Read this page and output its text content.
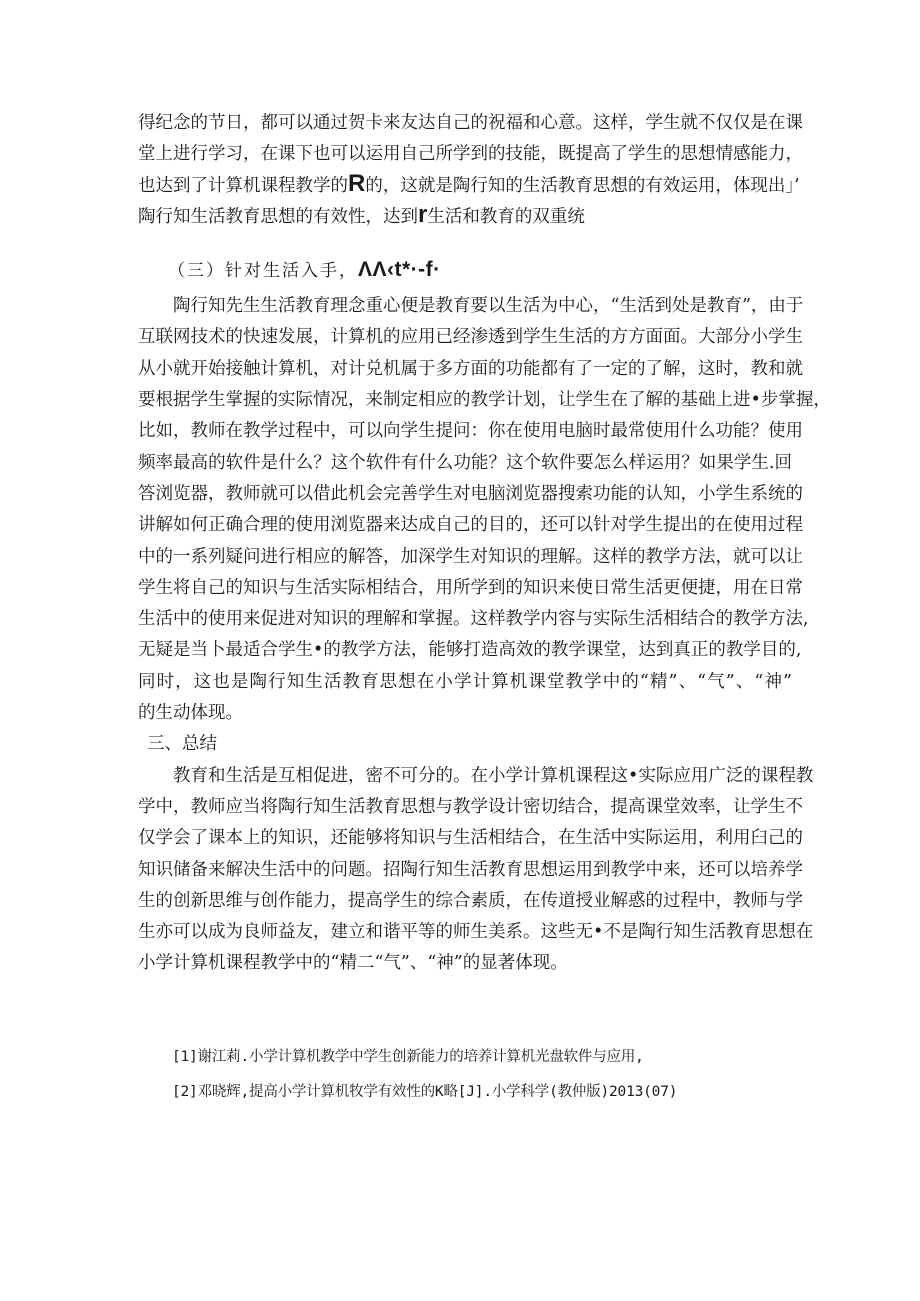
得纪念的节日，都可以通过贺卡来友达自己的祝福和心意。这样，学生就不仅仅是在课
堂上进行学习，在课下也可以运用自己所学到的技能，既提高了学生的思想情感能力，
也达到了计算机课程教学的R的，这就是陶行知的生活教育思想的有效运用，体现出」’
陶行知生活教育思想的有效性，达到r生活和教育的双重统
（三）针对生活入手，ΛΛ‹t*·-f·
陶行知先生生活教育理念重心便是教育要以生活为中心，“生活到处是教育”，由于
互联网技术的快速发展，计算机的应用已经渗透到学生生活的方方面面。大部分小学生
从小就开始接触计算机，对计兑机属于多方面的功能都有了一定的了解，这时，教和就
要根据学生掌握的实际情况，来制定相应的教学计划，让学生在了解的基础上进•步掌握，
比如，教师在教学过程中，可以向学生提问：你在使用电脑时最常使用什么功能？使用
频率最高的软件是什么？这个软件有什么功能？这个软件要怎么样运用？如果学生.回
答浏览器，教师就可以借此机会完善学生对电脑浏览器搜索功能的认知，小学生系统的
讲解如何正确合理的使用浏览器来达成自己的目的，还可以针对学生提出的在使用过程
中的一系列疑问进行相应的解答，加深学生对知识的理解。这样的教学方法，就可以让
学生将自己的知识与生活实际相结合，用所学到的知识来使日常生活更便捷，用在日常
生活中的使用来促进对知识的理解和掌握。这样教学内容与实际生活相结合的教学方法,
无疑是当卜最适合学生•的教学方法，能够打造高效的教学课堂，达到真正的教学目的,
同时，这也是陶行知生活教育思想在小学计算机课堂教学中的“精”、“气”、“神”
的生动体现。
三、总结
教育和生活是互相促进，密不可分的。在小学计算机课程这•实际应用广泛的课程教
学中，教师应当将陶行知生活教育思想与教学设计密切结合，提高课堂效率，让学生不
仅学会了课本上的知识，还能够将知识与生活相结合，在生活中实际运用，利用臼己的
知识储备来解决生活中的问题。招陶行知生活教育思想运用到教学中来，还可以培养学
生的创新思维与创作能力，提高学生的综合素质，在传道授业解惑的过程中，教师与学
生亦可以成为良师益友，建立和谐平等的师生美系。这些无•不是陶行知生活教育思想在
小学计算机课程教学中的“精二“气”、“神”的显著体现。
[1]谢江莉.小学计算机教学中学生创新能力的培养计算机光盘软件与应用,
[2]邓晓辉,提高小学计算机牧学有效性的K略[J].小学科学(教仲版)2013(07)
